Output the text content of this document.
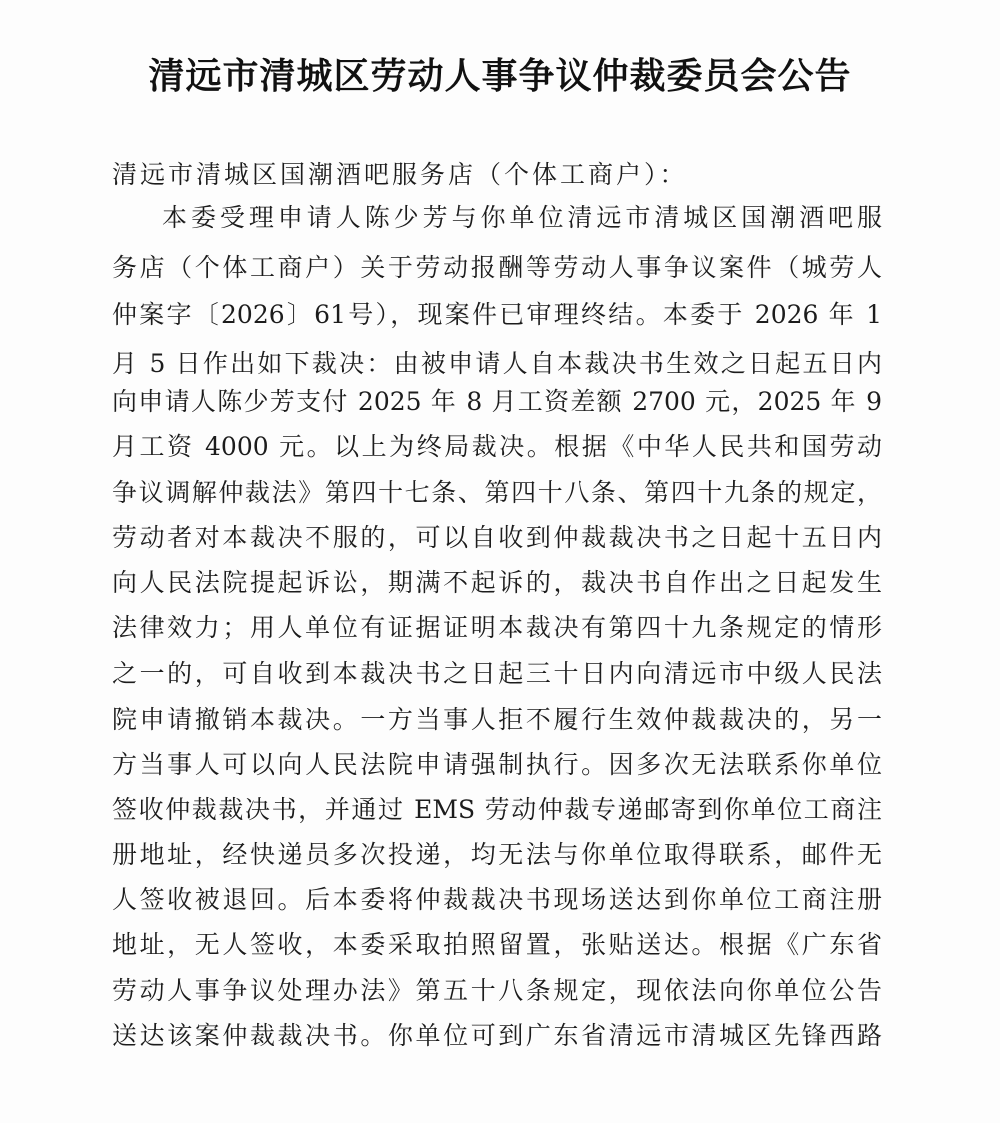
清远市清城区劳动人事争议仲裁委员会公告
清远市清城区国潮酒吧服务店（个体工商户）：
本委受理申请人陈少芳与你单位清远市清城区国潮酒吧服
务店（个体工商户）关于劳动报酬等劳动人事争议案件（城劳人
仲案字〔2026〕61号），现案件已审理终结。本委于 2026 年 1
月 5 日作出如下裁决：由被申请人自本裁决书生效之日起五日内
向申请人陈少芳支付 2025 年 8 月工资差额 2700 元，2025 年 9
月工资 4000 元。以上为终局裁决。根据《中华人民共和国劳动
争议调解仲裁法》第四十七条、第四十八条、第四十九条的规定，
劳动者对本裁决不服的，可以自收到仲裁裁决书之日起十五日内
向人民法院提起诉讼，期满不起诉的，裁决书自作出之日起发生
法律效力；用人单位有证据证明本裁决有第四十九条规定的情形
之一的，可自收到本裁决书之日起三十日内向清远市中级人民法
院申请撤销本裁决。一方当事人拒不履行生效仲裁裁决的，另一
方当事人可以向人民法院申请强制执行。因多次无法联系你单位
签收仲裁裁决书，并通过 EMS 劳动仲裁专递邮寄到你单位工商注
册地址，经快递员多次投递，均无法与你单位取得联系，邮件无
人签收被退回。后本委将仲裁裁决书现场送达到你单位工商注册
地址，无人签收，本委采取拍照留置，张贴送达。根据《广东省
劳动人事争议处理办法》第五十八条规定，现依法向你单位公告
送达该案仲裁裁决书。你单位可到广东省清远市清城区先锋西路
